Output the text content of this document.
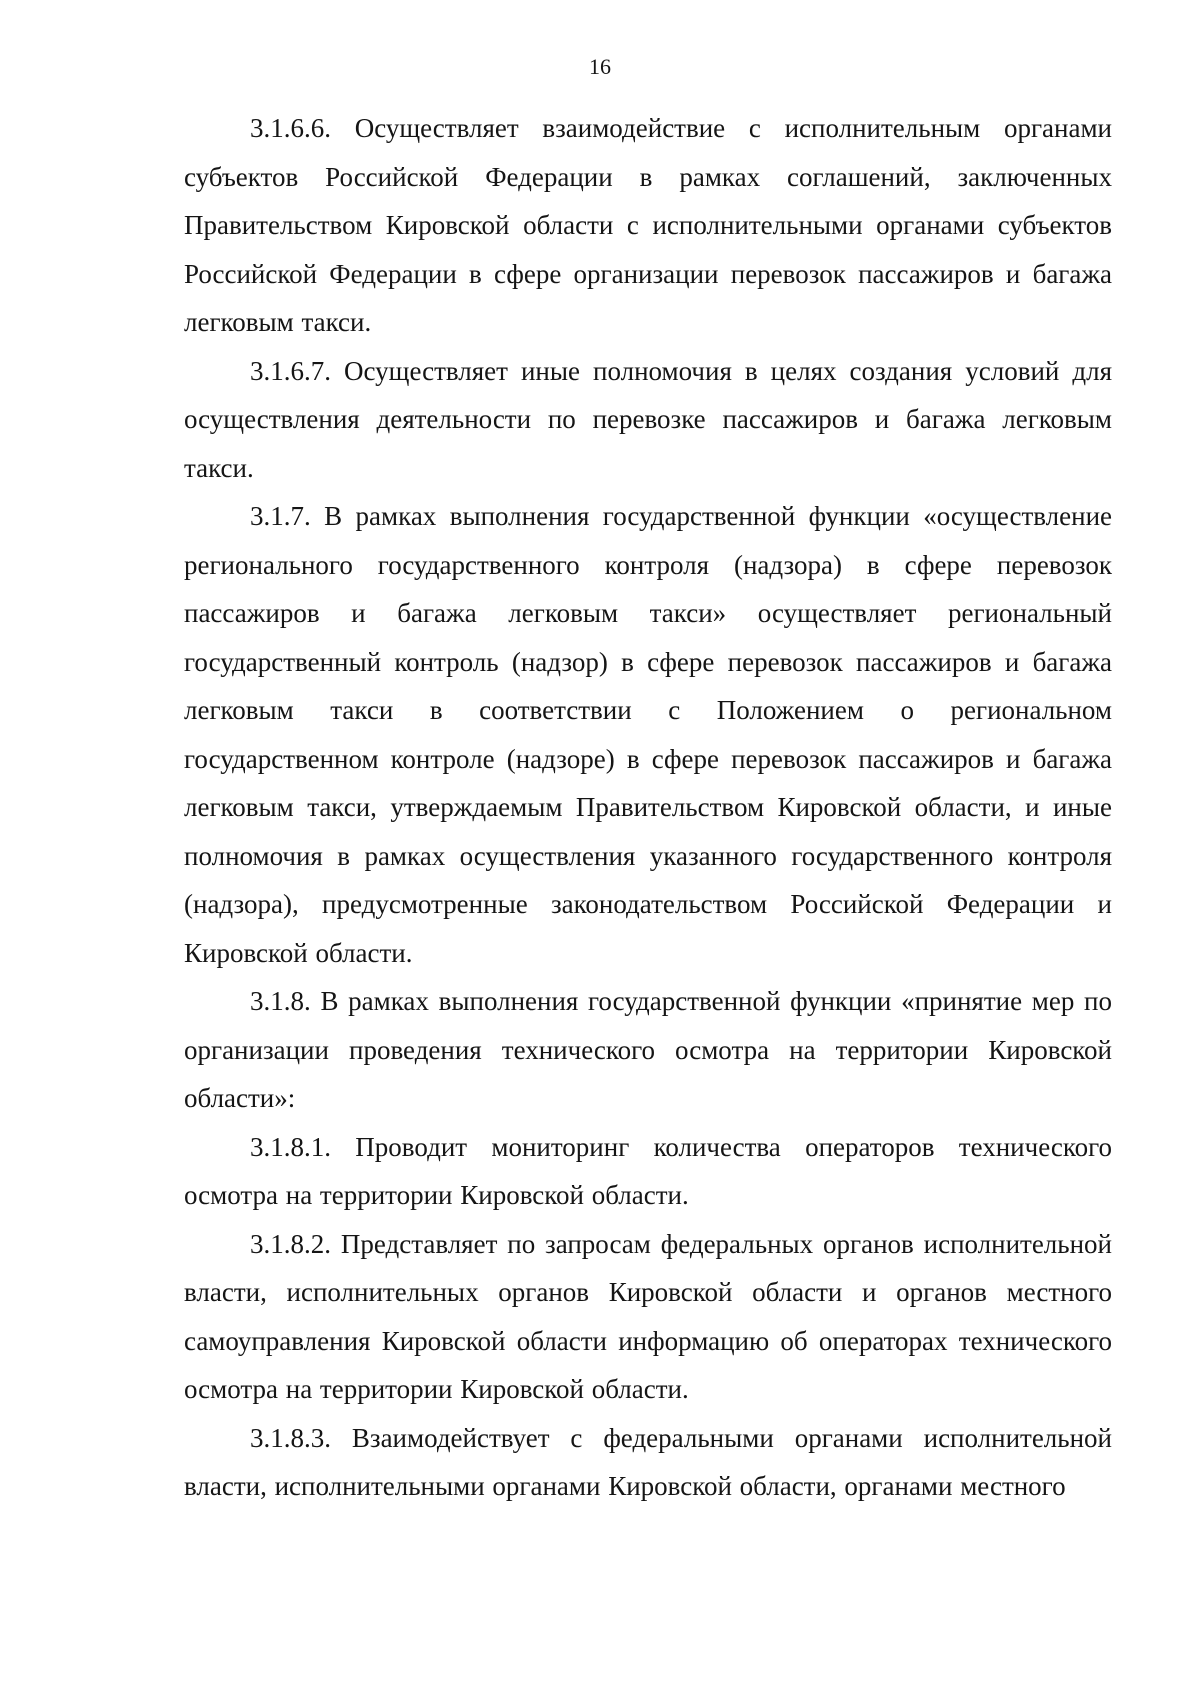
16

3.1.6.6. Осуществляет взаимодействие с исполнительным органами субъектов Российской Федерации в рамках соглашений, заключенных Правительством Кировской области с исполнительными органами субъектов Российской Федерации в сфере организации перевозок пассажиров и багажа легковым такси.

3.1.6.7. Осуществляет иные полномочия в целях создания условий для осуществления деятельности по перевозке пассажиров и багажа легковым такси.

3.1.7. В рамках выполнения государственной функции «осуществление регионального государственного контроля (надзора) в сфере перевозок пассажиров и багажа легковым такси» осуществляет региональный государственный контроль (надзор) в сфере перевозок пассажиров и багажа легковым такси в соответствии с Положением о региональном государственном контроле (надзоре) в сфере перевозок пассажиров и багажа легковым такси, утверждаемым Правительством Кировской области, и иные полномочия в рамках осуществления указанного государственного контроля (надзора), предусмотренные законодательством Российской Федерации и Кировской области.

3.1.8. В рамках выполнения государственной функции «принятие мер по организации проведения технического осмотра на территории Кировской области»:

3.1.8.1. Проводит мониторинг количества операторов технического осмотра на территории Кировской области.

3.1.8.2. Представляет по запросам федеральных органов исполнительной власти, исполнительных органов Кировской области и органов местного самоуправления Кировской области информацию об операторах технического осмотра на территории Кировской области.

3.1.8.3. Взаимодействует с федеральными органами исполнительной власти, исполнительными органами Кировской области, органами местного
